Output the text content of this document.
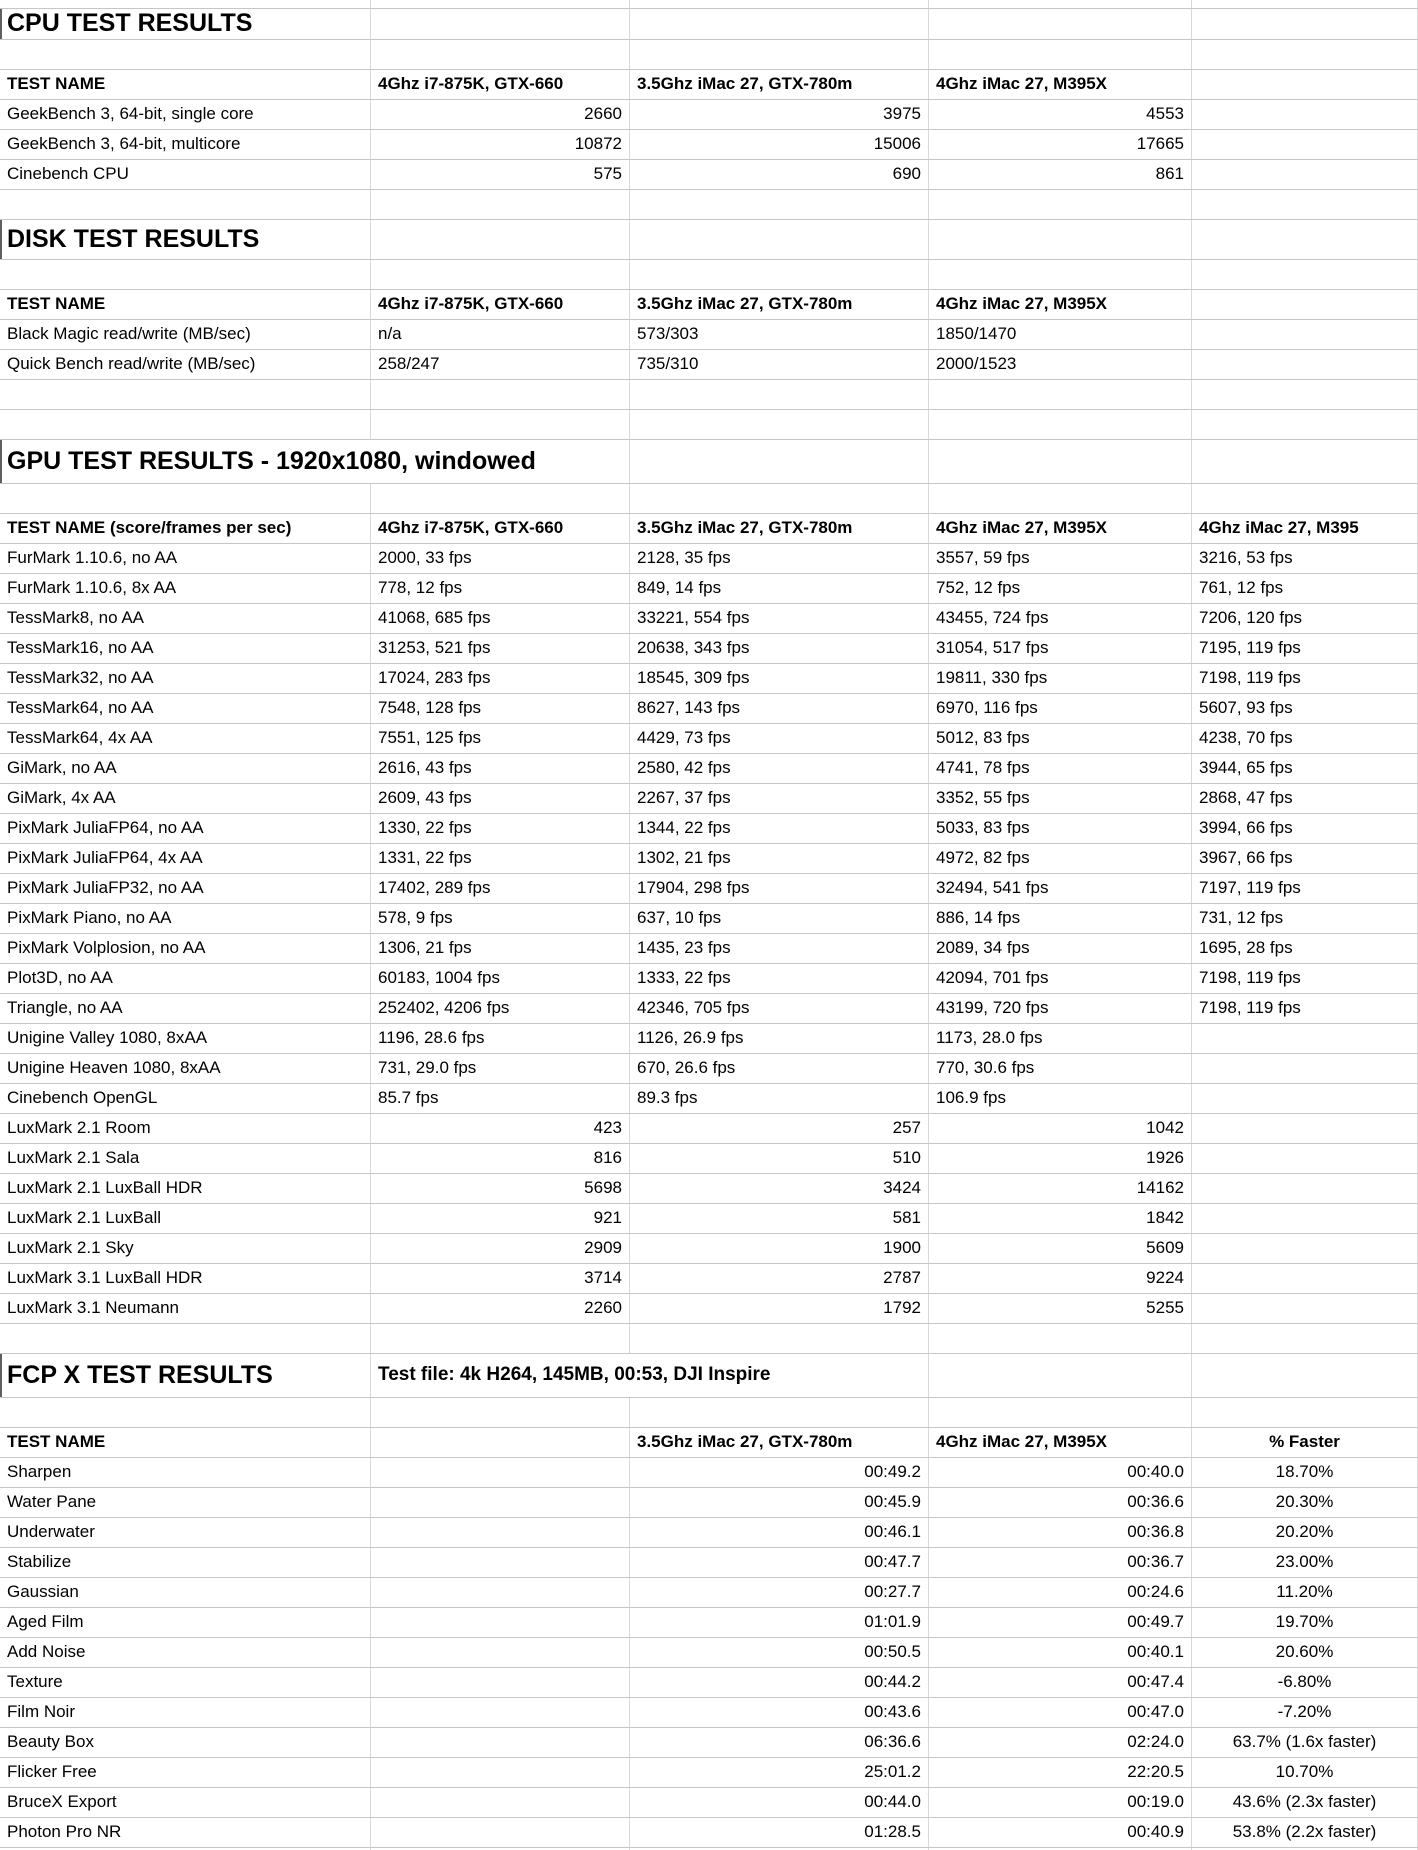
CPU TEST RESULTS
TEST NAME	4Ghz i7-875K, GTX-660	3.5Ghz iMac 27, GTX-780m	4Ghz iMac 27, M395X
GeekBench 3, 64-bit, single core	2660	3975	4553
GeekBench 3, 64-bit, multicore	10872	15006	17665
Cinebench CPU	575	690	861
DISK TEST RESULTS
TEST NAME	4Ghz i7-875K, GTX-660	3.5Ghz iMac 27, GTX-780m	4Ghz iMac 27, M395X
Black Magic read/write (MB/sec)	n/a	573/303	1850/1470
Quick Bench read/write (MB/sec)	258/247	735/310	2000/1523
GPU TEST RESULTS - 1920x1080, windowed
TEST NAME (score/frames per sec)	4Ghz i7-875K, GTX-660	3.5Ghz iMac 27, GTX-780m	4Ghz iMac 27, M395X	4Ghz iMac 27, M395
FurMark 1.10.6, no AA	2000, 33 fps	2128, 35 fps	3557, 59 fps	3216, 53 fps
FurMark 1.10.6, 8x AA	778, 12 fps	849, 14 fps	752, 12 fps	761, 12 fps
TessMark8, no AA	41068, 685 fps	33221, 554 fps	43455, 724 fps	7206, 120 fps
TessMark16, no AA	31253, 521 fps	20638, 343 fps	31054, 517 fps	7195, 119 fps
TessMark32, no AA	17024, 283 fps	18545, 309 fps	19811, 330 fps	7198, 119 fps
TessMark64, no AA	7548, 128 fps	8627, 143 fps	6970, 116 fps	5607, 93 fps
TessMark64, 4x AA	7551, 125 fps	4429, 73 fps	5012, 83 fps	4238, 70 fps
GiMark, no AA	2616, 43 fps	2580, 42 fps	4741, 78 fps	3944, 65 fps
GiMark, 4x AA	2609, 43 fps	2267, 37 fps	3352, 55 fps	2868, 47 fps
PixMark JuliaFP64, no AA	1330, 22 fps	1344, 22 fps	5033, 83 fps	3994, 66 fps
PixMark JuliaFP64, 4x AA	1331, 22 fps	1302, 21 fps	4972, 82 fps	3967, 66 fps
PixMark JuliaFP32, no AA	17402, 289 fps	17904, 298 fps	32494, 541 fps	7197, 119 fps
PixMark Piano, no AA	578, 9 fps	637, 10 fps	886, 14 fps	731, 12 fps
PixMark Volplosion, no AA	1306, 21 fps	1435, 23 fps	2089, 34 fps	1695, 28 fps
Plot3D, no AA	60183, 1004 fps	1333, 22 fps	42094, 701 fps	7198, 119 fps
Triangle, no AA	252402, 4206 fps	42346, 705 fps	43199, 720 fps	7198, 119 fps
Unigine Valley 1080, 8xAA	1196, 28.6 fps	1126, 26.9 fps	1173, 28.0 fps
Unigine Heaven 1080, 8xAA	731, 29.0 fps	670, 26.6 fps	770, 30.6 fps
Cinebench OpenGL	85.7 fps	89.3 fps	106.9 fps
LuxMark 2.1 Room	423	257	1042
LuxMark 2.1 Sala	816	510	1926
LuxMark 2.1 LuxBall HDR	5698	3424	14162
LuxMark 2.1 LuxBall	921	581	1842
LuxMark 2.1 Sky	2909	1900	5609
LuxMark 3.1 LuxBall HDR	3714	2787	9224
LuxMark 3.1 Neumann	2260	1792	5255
FCP X TEST RESULTS	Test file: 4k H264, 145MB, 00:53, DJI Inspire
TEST NAME	3.5Ghz iMac 27, GTX-780m	4Ghz iMac 27, M395X	% Faster
Sharpen	00:49.2	00:40.0	18.70%
Water Pane	00:45.9	00:36.6	20.30%
Underwater	00:46.1	00:36.8	20.20%
Stabilize	00:47.7	00:36.7	23.00%
Gaussian	00:27.7	00:24.6	11.20%
Aged Film	01:01.9	00:49.7	19.70%
Add Noise	00:50.5	00:40.1	20.60%
Texture	00:44.2	00:47.4	-6.80%
Film Noir	00:43.6	00:47.0	-7.20%
Beauty Box	06:36.6	02:24.0	63.7% (1.6x faster)
Flicker Free	25:01.2	22:20.5	10.70%
BruceX Export	00:44.0	00:19.0	43.6% (2.3x faster)
Photon Pro NR	01:28.5	00:40.9	53.8% (2.2x faster)
